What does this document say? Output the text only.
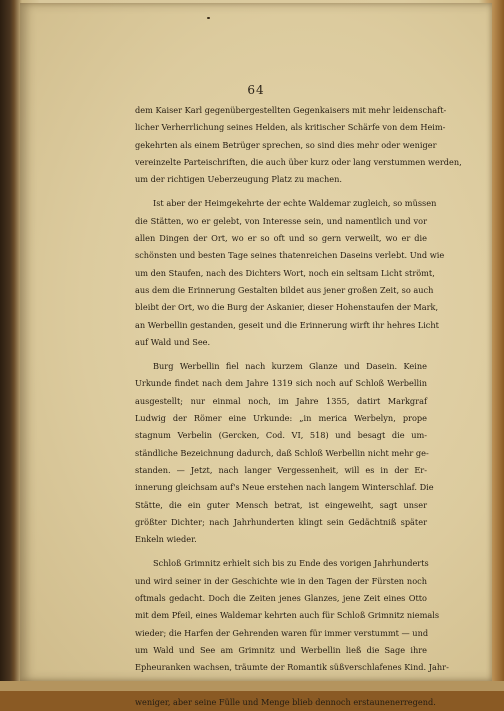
64

dem Kaiser Karl gegenübergestellten Gegenkaisers mit mehr leidenschaft-
licher Verherrlichung seines Helden, als kritischer Schärfe von dem Heim-
gekehrten als einem Betrüger sprechen, so sind dies mehr oder weniger
vereinzelte Parteischriften, die auch über kurz oder lang verstummen werden,
um der richtigen Ueberzeugung Platz zu machen.

Ist aber der Heimgekehrte der echte Waldemar zugleich, so müssen
die Stätten, wo er gelebt, von Interesse sein, und namentlich und vor
allen Dingen der Ort, wo er so oft und so gern verweilt, wo er die
schönsten und besten Tage seines thatenreichen Daseins verlebt. Und wie
um den Staufen, nach des Dichters Wort, noch ein seltsam Licht strömt,
aus dem die Erinnerung Gestalten bildet aus jener großen Zeit, so auch
bleibt der Ort, wo die Burg der Askanier, dieser Hohenstaufen der Mark,
an Werbellin gestanden, geseit und die Erinnerung wirft ihr hehres Licht
auf Wald und See.

Burg Werbellin fiel nach kurzem Glanze und Dasein. Keine
Urkunde findet nach dem Jahre 1319 sich noch auf Schloß Werbellin
ausgestellt; nur einmal noch, im Jahre 1355, datirt Markgraf
Ludwig der Römer eine Urkunde: „in merica Werbelyn, prope
stagnum Verbelin (Gercken, Cod. VI, 518) und besagt die um-
ständliche Bezeichnung dadurch, daß Schloß Werbellin nicht mehr ge-
standen. — Jetzt, nach langer Vergessenheit, will es in der Er-
innerung gleichsam auf's Neue erstehen nach langem Winterschlaf. Die
Stätte, die ein guter Mensch betrat, ist eingeweiht, sagt unser
größter Dichter; nach Jahrhunderten klingt sein Gedächtniß später
Enkeln wieder.

Schloß Grimnitz erhielt sich bis zu Ende des vorigen Jahrhunderts
und wird seiner in der Geschichte wie in den Tagen der Fürsten noch
oftmals gedacht. Doch die Zeiten jenes Glanzes, jene Zeit eines Otto
mit dem Pfeil, eines Waldemar kehrten auch für Schloß Grimnitz niemals
wieder; die Harfen der Gehrenden waren für immer verstummt — und
um Wald und See am Grimnitz und Werbellin ließ die Sage ihre
Epheuranken wachsen, träumte der Romantik süßverschlafenes Kind. Jahr-
weniger, aber seine Fülle und Menge blieb dennoch erstaunenerregend.
